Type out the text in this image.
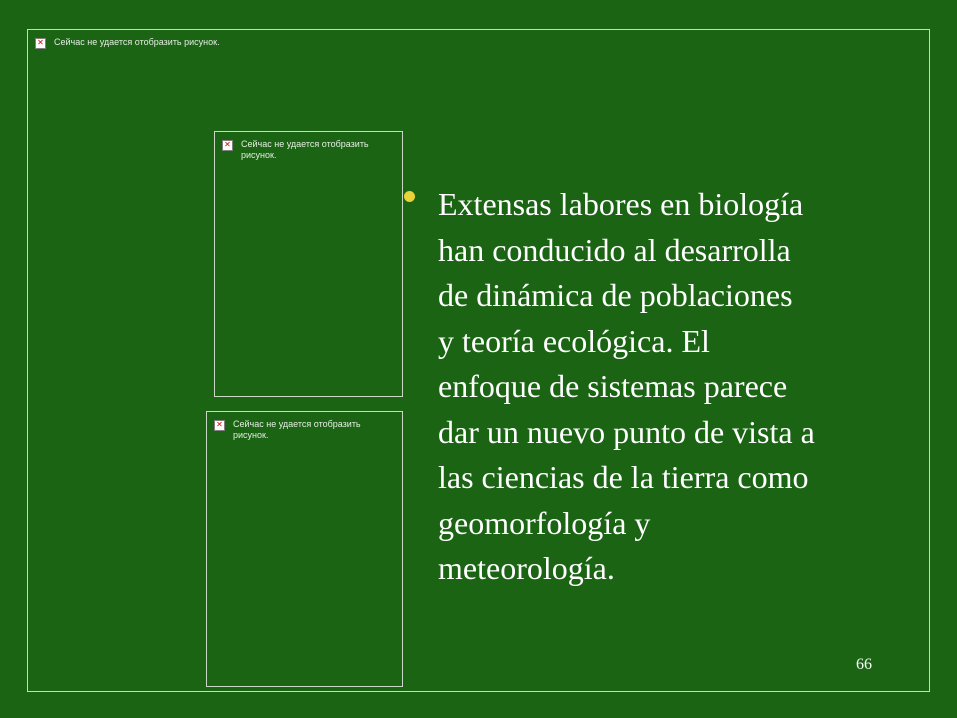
✕
Сейчас не удается отобразить рисунок.
✕
Сейчас не удается отобразить
рисунок.
✕
Сейчас не удается отобразить
рисунок.
Extensas labores en biología
han conducido al desarrolla
de dinámica de poblaciones
y teoría ecológica. El
enfoque de sistemas parece
dar un nuevo punto de vista a
las ciencias de la tierra como
geomorfología y
meteorología.
66
